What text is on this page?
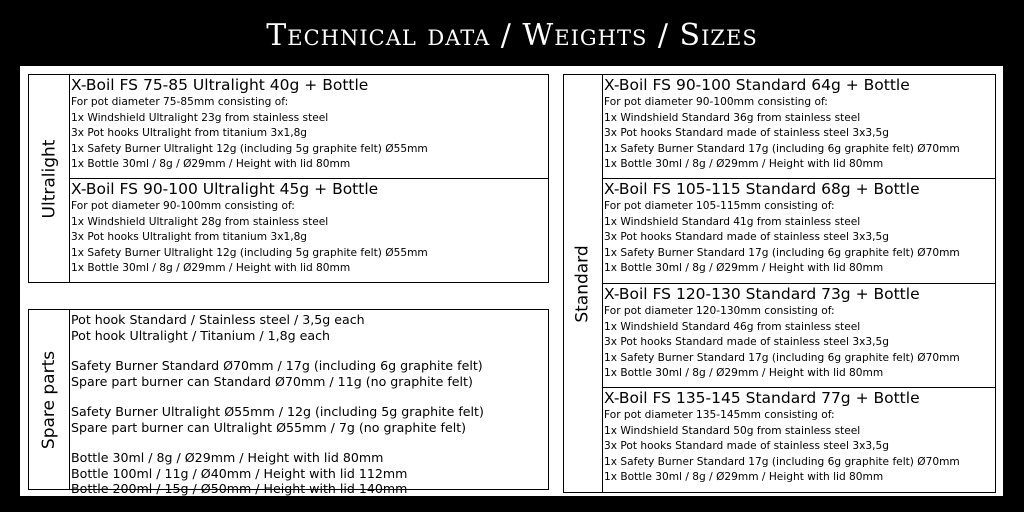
Technical data / Weights / Sizes
Ultralight
X-Boil FS 75-85 Ultralight 40g + Bottle
For pot diameter 75-85mm consisting of:
1x Windshield Ultralight 23g from stainless steel
3x Pot hooks Ultralight from titanium 3x1,8g
1x Safety Burner Ultralight 12g (including 5g graphite felt) Ø55mm
1x Bottle 30ml / 8g / Ø29mm / Height with lid 80mm
X-Boil FS 90-100 Ultralight 45g + Bottle
For pot diameter 90-100mm consisting of:
1x Windshield Ultralight 28g from stainless steel
3x Pot hooks Ultralight from titanium 3x1,8g
1x Safety Burner Ultralight 12g (including 5g graphite felt) Ø55mm
1x Bottle 30ml / 8g / Ø29mm / Height with lid 80mm
Spare parts
Pot hook Standard / Stainless steel / 3,5g each
Pot hook Ultralight / Titanium / 1,8g each
Safety Burner Standard Ø70mm / 17g (including 6g graphite felt)
Spare part burner can Standard Ø70mm / 11g (no graphite felt)
Safety Burner Ultralight Ø55mm / 12g (including 5g graphite felt)
Spare part burner can Ultralight Ø55mm / 7g (no graphite felt)
Bottle 30ml / 8g / Ø29mm / Height with lid 80mm
Bottle 100ml / 11g / Ø40mm / Height with lid 112mm
Bottle 200ml / 15g / Ø50mm / Height with lid 140mm
Standard
X-Boil FS 90-100 Standard 64g + Bottle
For pot diameter 90-100mm consisting of:
1x Windshield Standard 36g from stainless steel
3x Pot hooks Standard made of stainless steel 3x3,5g
1x Safety Burner Standard 17g (including 6g graphite felt) Ø70mm
1x Bottle 30ml / 8g / Ø29mm / Height with lid 80mm
X-Boil FS 105-115 Standard 68g + Bottle
For pot diameter 105-115mm consisting of:
1x Windshield Standard 41g from stainless steel
3x Pot hooks Standard made of stainless steel 3x3,5g
1x Safety Burner Standard 17g (including 6g graphite felt) Ø70mm
1x Bottle 30ml / 8g / Ø29mm / Height with lid 80mm
X-Boil FS 120-130 Standard 73g + Bottle
For pot diameter 120-130mm consisting of:
1x Windshield Standard 46g from stainless steel
3x Pot hooks Standard made of stainless steel 3x3,5g
1x Safety Burner Standard 17g (including 6g graphite felt) Ø70mm
1x Bottle 30ml / 8g / Ø29mm / Height with lid 80mm
X-Boil FS 135-145 Standard 77g + Bottle
For pot diameter 135-145mm consisting of:
1x Windshield Standard 50g from stainless steel
3x Pot hooks Standard made of stainless steel 3x3,5g
1x Safety Burner Standard 17g (including 6g graphite felt) Ø70mm
1x Bottle 30ml / 8g / Ø29mm / Height with lid 80mm
